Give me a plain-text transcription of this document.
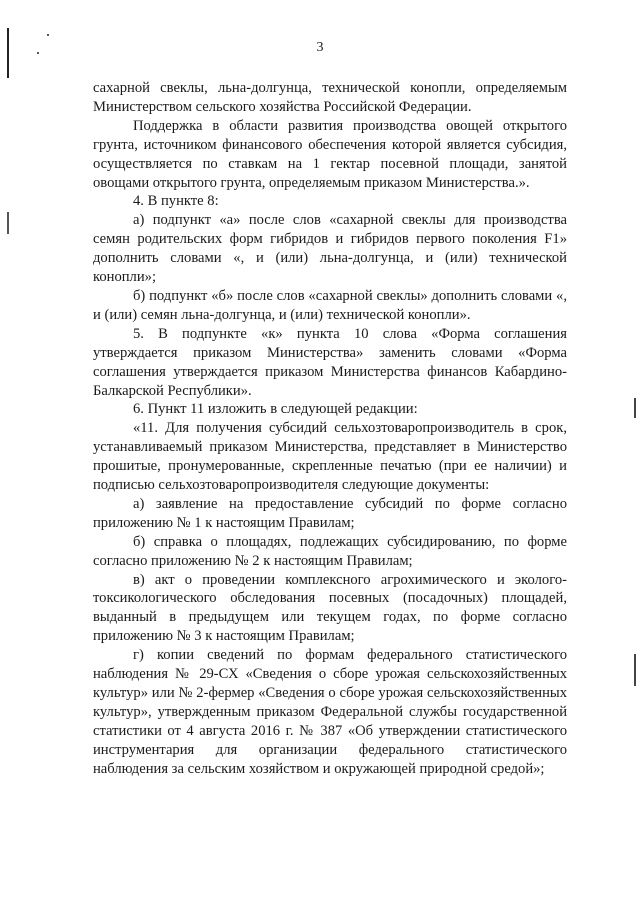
3

сахарной свеклы, льна-долгунца, технической конопли, определяемым Министерством сельского хозяйства Российской Федерации.

Поддержка в области развития производства овощей открытого грунта, источником финансового обеспечения которой является субсидия, осуществляется по ставкам на 1 гектар посевной площади, занятой овощами открытого грунта, определяемым приказом Министерства.».

4. В пункте 8:

а) подпункт «а» после слов «сахарной свеклы для производства семян родительских форм гибридов и гибридов первого поколения F1» дополнить словами «, и (или) льна-долгунца, и (или) технической конопли»;

б) подпункт «б» после слов «сахарной свеклы» дополнить словами «, и (или) семян льна-долгунца, и (или) технической конопли».

5. В подпункте «к» пункта 10 слова «Форма соглашения утверждается приказом Министерства» заменить словами «Форма соглашения утверждается приказом Министерства финансов Кабардино-Балкарской Республики».

6. Пункт 11 изложить в следующей редакции:

«11. Для получения субсидий сельхозтоваропроизводитель в срок, устанавливаемый приказом Министерства, представляет в Министерство прошитые, пронумерованные, скрепленные печатью (при ее наличии) и подписью сельхозтоваропроизводителя следующие документы:

а) заявление на предоставление субсидий по форме согласно приложению № 1 к настоящим Правилам;

б) справка о площадях, подлежащих субсидированию, по форме согласно приложению № 2 к настоящим Правилам;

в) акт о проведении комплексного агрохимического и эколого-токсикологического обследования посевных (посадочных) площадей, выданный в предыдущем или текущем годах, по форме согласно приложению № 3 к настоящим Правилам;

г) копии сведений по формам федерального статистического наблюдения № 29-СХ «Сведения о сборе урожая сельскохозяйственных культур» или № 2-фермер «Сведения о сборе урожая сельскохозяйственных культур», утвержденным приказом Федеральной службы государственной статистики от 4 августа 2016 г. № 387 «Об утверждении статистического инструментария для организации федерального статистического наблюдения за сельским хозяйством и окружающей природной средой»;
